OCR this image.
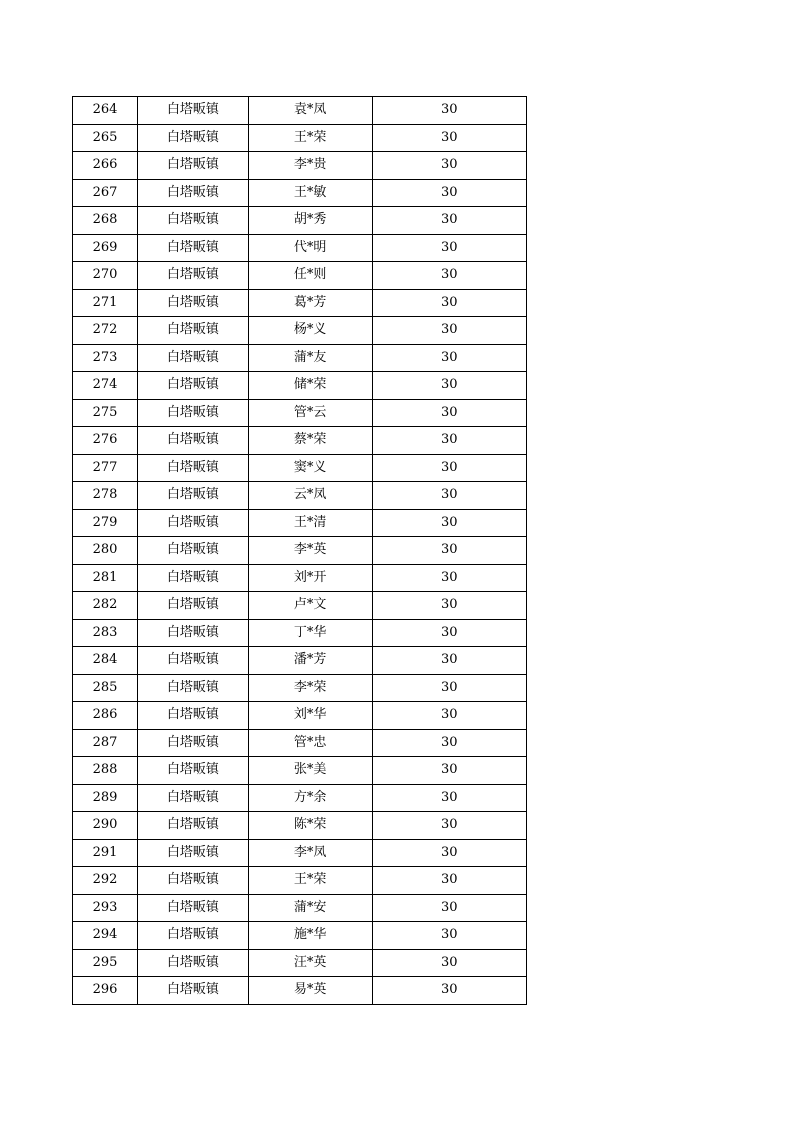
264	白塔畈镇	袁*凤	30
265	白塔畈镇	王*荣	30
266	白塔畈镇	李*贵	30
267	白塔畈镇	王*敏	30
268	白塔畈镇	胡*秀	30
269	白塔畈镇	代*明	30
270	白塔畈镇	任*则	30
271	白塔畈镇	葛*芳	30
272	白塔畈镇	杨*义	30
273	白塔畈镇	蒲*友	30
274	白塔畈镇	储*荣	30
275	白塔畈镇	管*云	30
276	白塔畈镇	蔡*荣	30
277	白塔畈镇	窦*义	30
278	白塔畈镇	云*凤	30
279	白塔畈镇	王*清	30
280	白塔畈镇	李*英	30
281	白塔畈镇	刘*开	30
282	白塔畈镇	卢*文	30
283	白塔畈镇	丁*华	30
284	白塔畈镇	潘*芳	30
285	白塔畈镇	李*荣	30
286	白塔畈镇	刘*华	30
287	白塔畈镇	管*忠	30
288	白塔畈镇	张*美	30
289	白塔畈镇	方*余	30
290	白塔畈镇	陈*荣	30
291	白塔畈镇	李*凤	30
292	白塔畈镇	王*荣	30
293	白塔畈镇	蒲*安	30
294	白塔畈镇	施*华	30
295	白塔畈镇	汪*英	30
296	白塔畈镇	易*英	30
